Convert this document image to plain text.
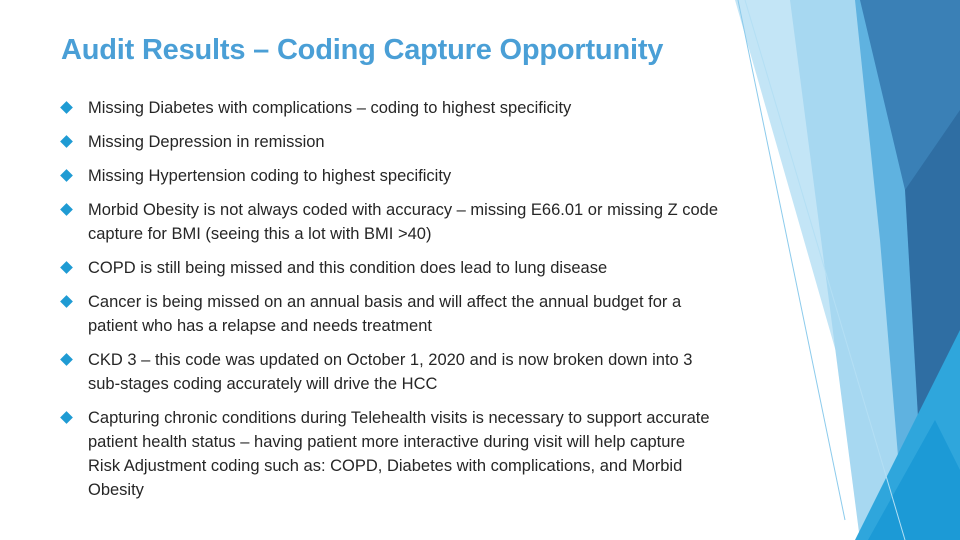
Audit Results – Coding Capture Opportunity
Missing Diabetes with complications – coding to highest specificity
Missing Depression in remission
Missing Hypertension coding to highest specificity
Morbid Obesity is not always coded with accuracy – missing E66.01 or missing Z code capture for BMI (seeing this a lot with BMI >40)
COPD is still being missed and this condition does lead to lung disease
Cancer is being missed on an annual basis and will affect the annual budget for a patient who has a relapse and needs treatment
CKD 3 – this code was updated on October 1, 2020 and is now broken down into 3 sub-stages coding accurately will drive the HCC
Capturing chronic conditions during Telehealth visits is necessary to support accurate patient health status – having patient more interactive during visit will help capture Risk Adjustment coding such as: COPD, Diabetes with complications, and Morbid Obesity
